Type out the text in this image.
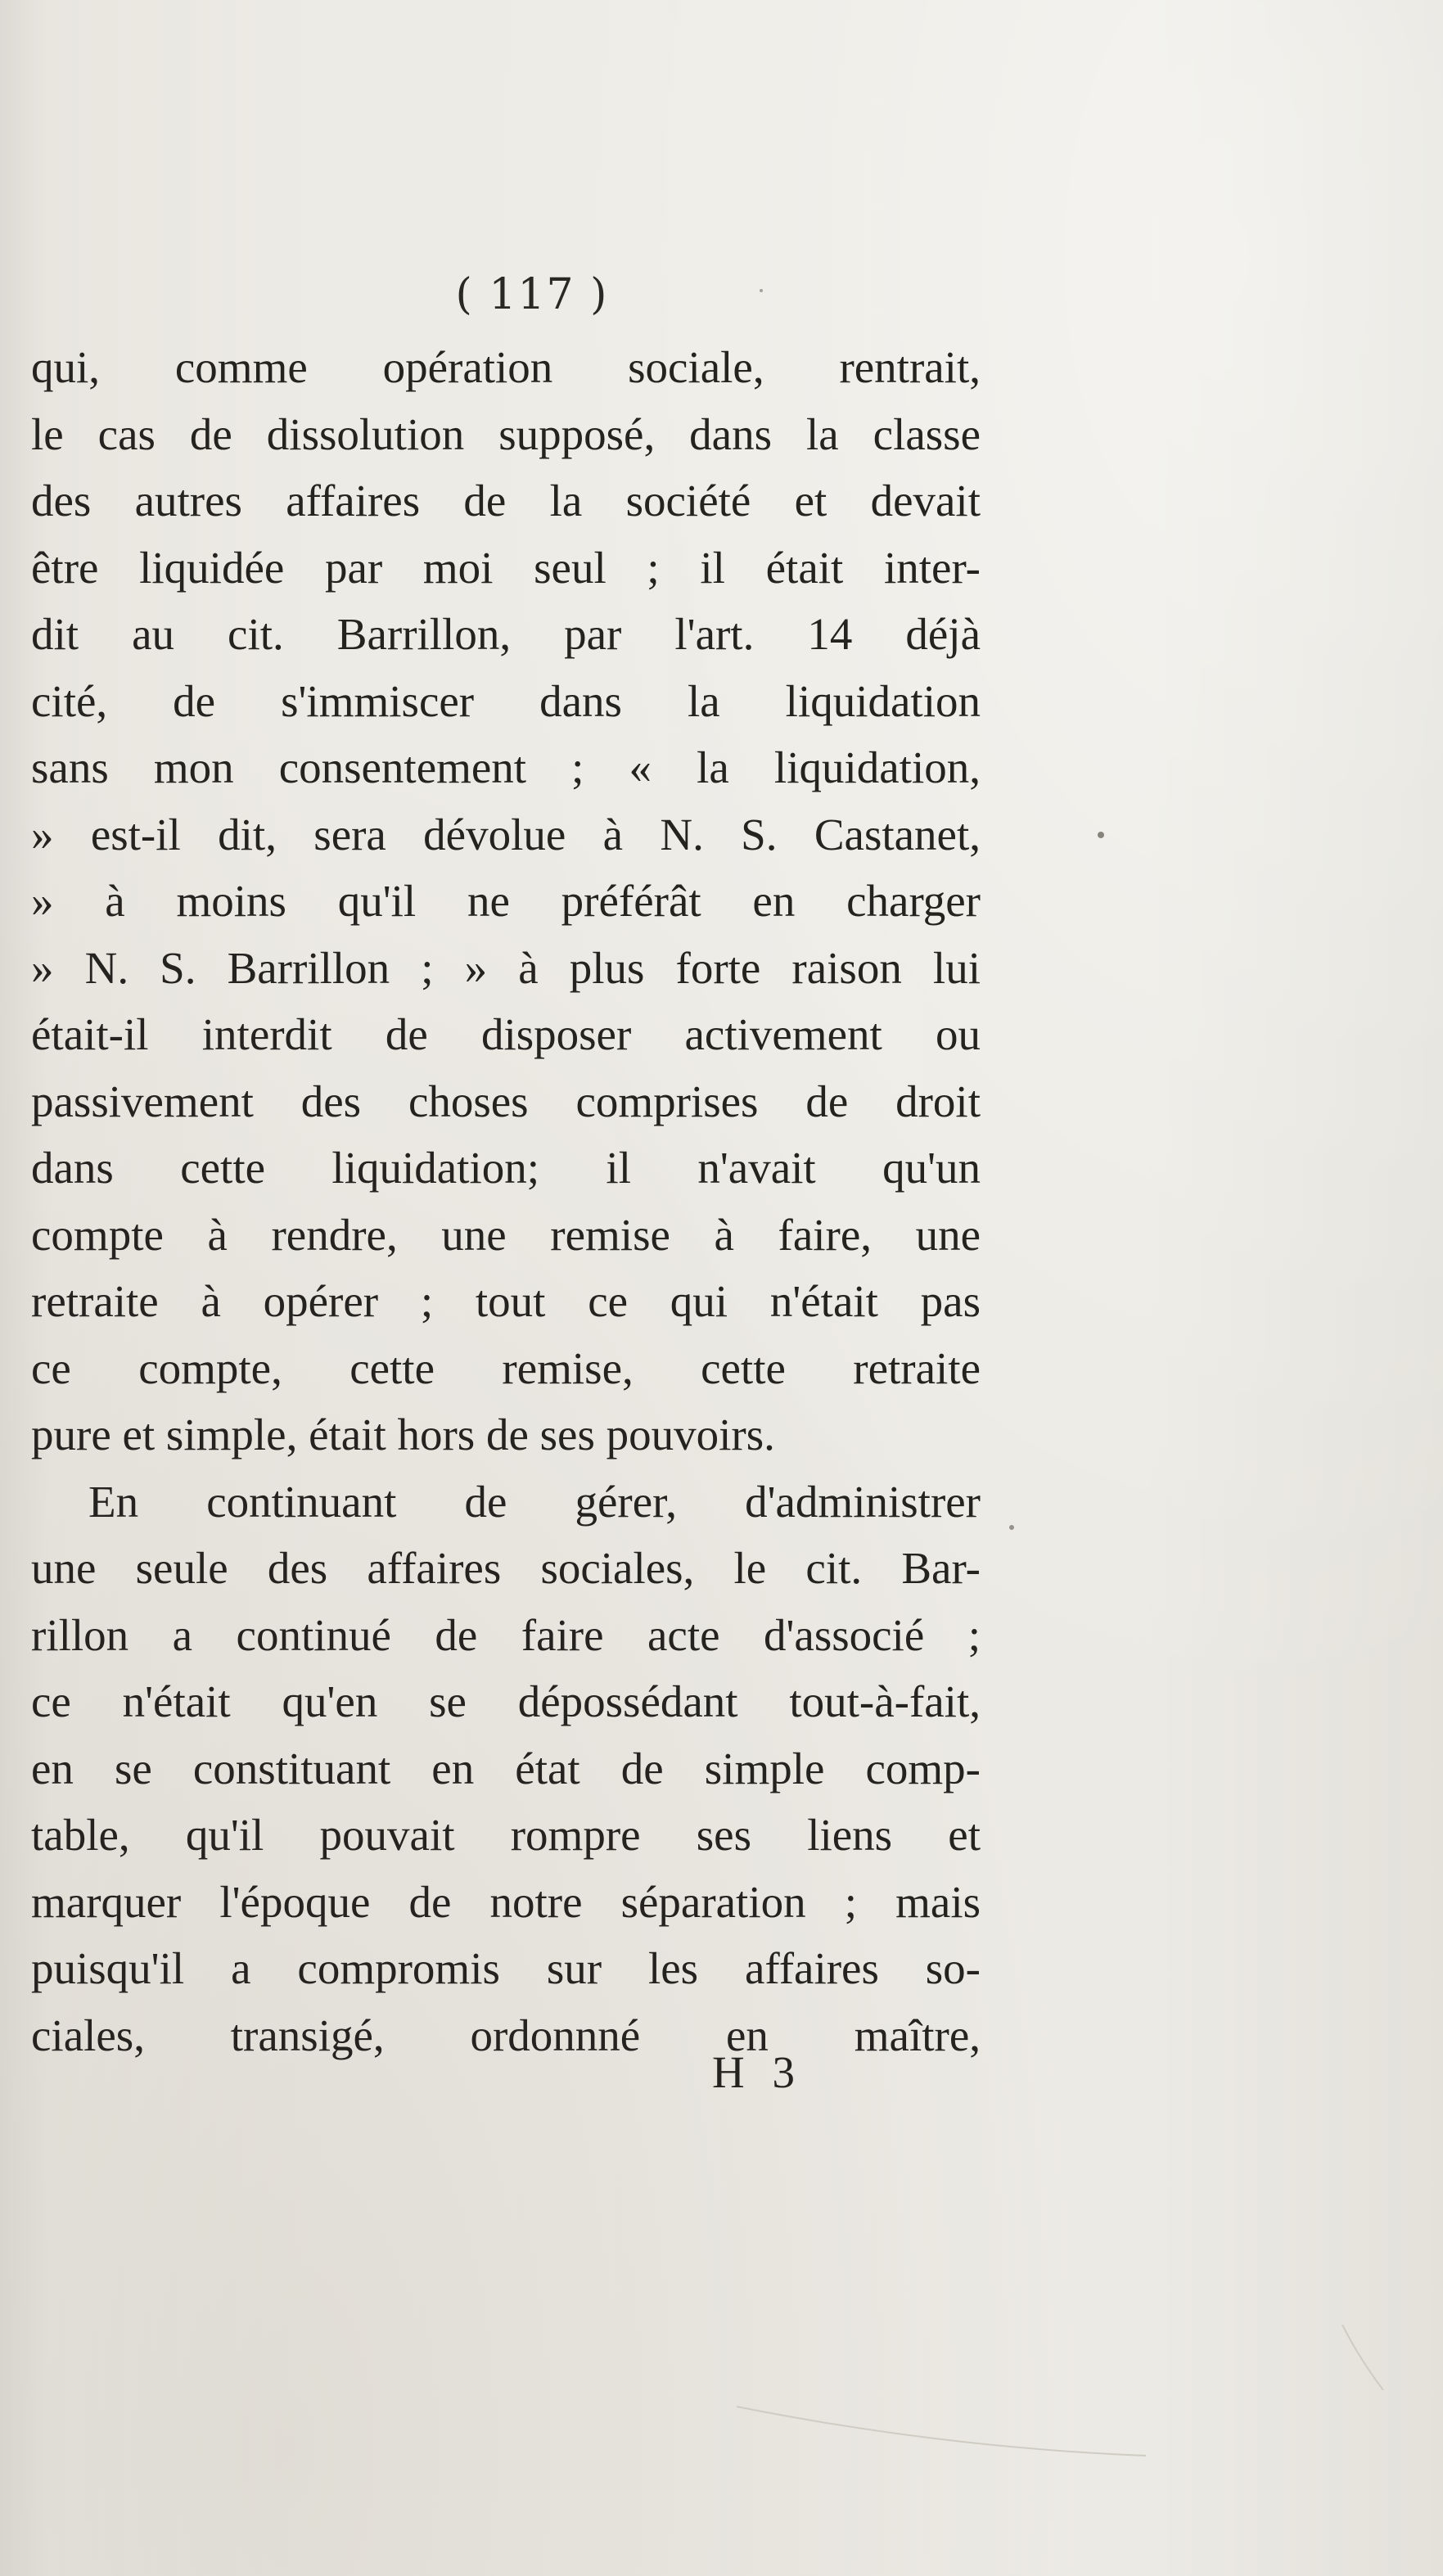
( 117 )
qui, comme opération sociale, rentrait,
le cas de dissolution supposé, dans la classe
des autres affaires de la société et devait
être liquidée par moi seul ; il était inter-
dit au cit. Barrillon, par l'art. 14 déjà
cité, de s'immiscer dans la liquidation
sans mon consentement ; « la liquidation,
» est-il dit, sera dévolue à N. S. Castanet,
» à moins qu'il ne préférât en charger
» N. S. Barrillon ; » à plus forte raison lui
était-il interdit de disposer activement ou
passivement des choses comprises de droit
dans cette liquidation; il n'avait qu'un
compte à rendre, une remise à faire, une
retraite à opérer ; tout ce qui n'était pas
ce compte, cette remise, cette retraite
pure et simple, était hors de ses pouvoirs.
En continuant de gérer, d'administrer
une seule des affaires sociales, le cit. Bar-
rillon a continué de faire acte d'associé ;
ce n'était qu'en se dépossédant tout-à-fait,
en se constituant en état de simple comp-
table, qu'il pouvait rompre ses liens et
marquer l'époque de notre séparation ; mais
puisqu'il a compromis sur les affaires so-
ciales, transigé, ordonnné en maître,
H 3
